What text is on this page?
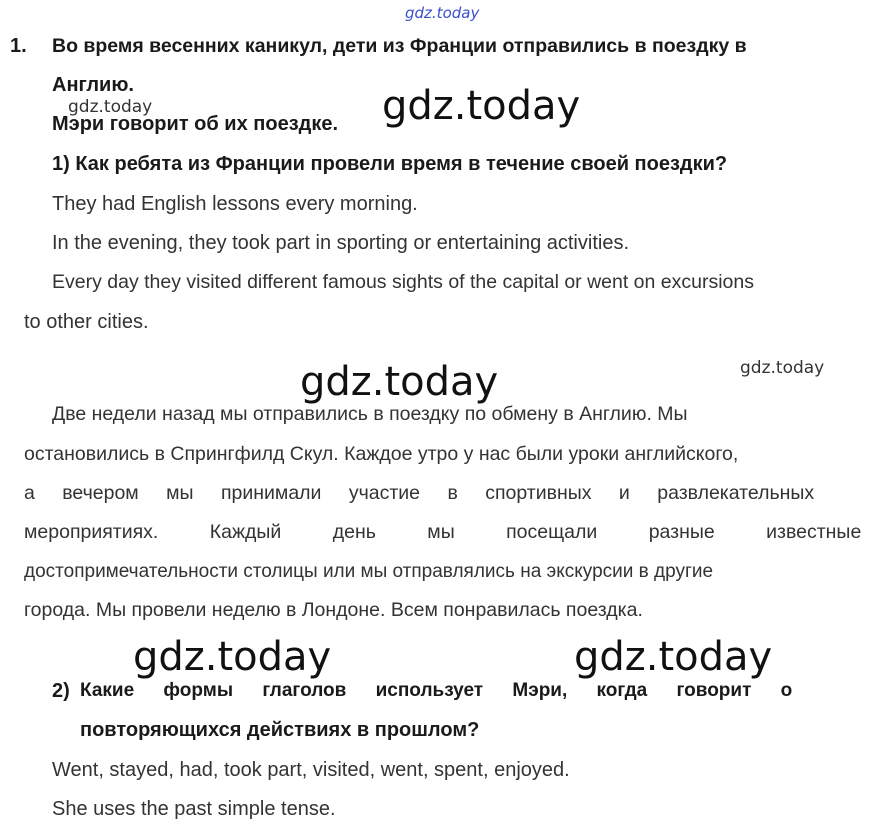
gdz.today
gdz.today	gdz.today
gdz.today	gdz.today
gdz.today	gdz.today
1. Во время весенних каникул, дети из Франции отправились в поездку в
Англию.
Мэри говорит об их поездке.
1) Как ребята из Франции провели время в течение своей поездки?
They had English lessons every morning.
In the evening, they took part in sporting or entertaining activities.
Every day they visited different famous sights of the capital or went on excursions
to other cities.
Две недели назад мы отправились в поездку по обмену в Англию. Мы
остановились в Спрингфилд Скул. Каждое утро у нас были уроки английского,
а вечером мы принимали участие в спортивных и развлекательных
мероприятиях. Каждый день мы посещали разные известные
достопримечательности столицы или мы отправлялись на экскурсии в другие
города. Мы провели неделю в Лондоне. Всем понравилась поездка.
2) Какие формы глаголов использует Мэри, когда говорит о
повторяющихся действиях в прошлом?
Went, stayed, had, took part, visited, went, spent, enjoyed.
She uses the past simple tense.
